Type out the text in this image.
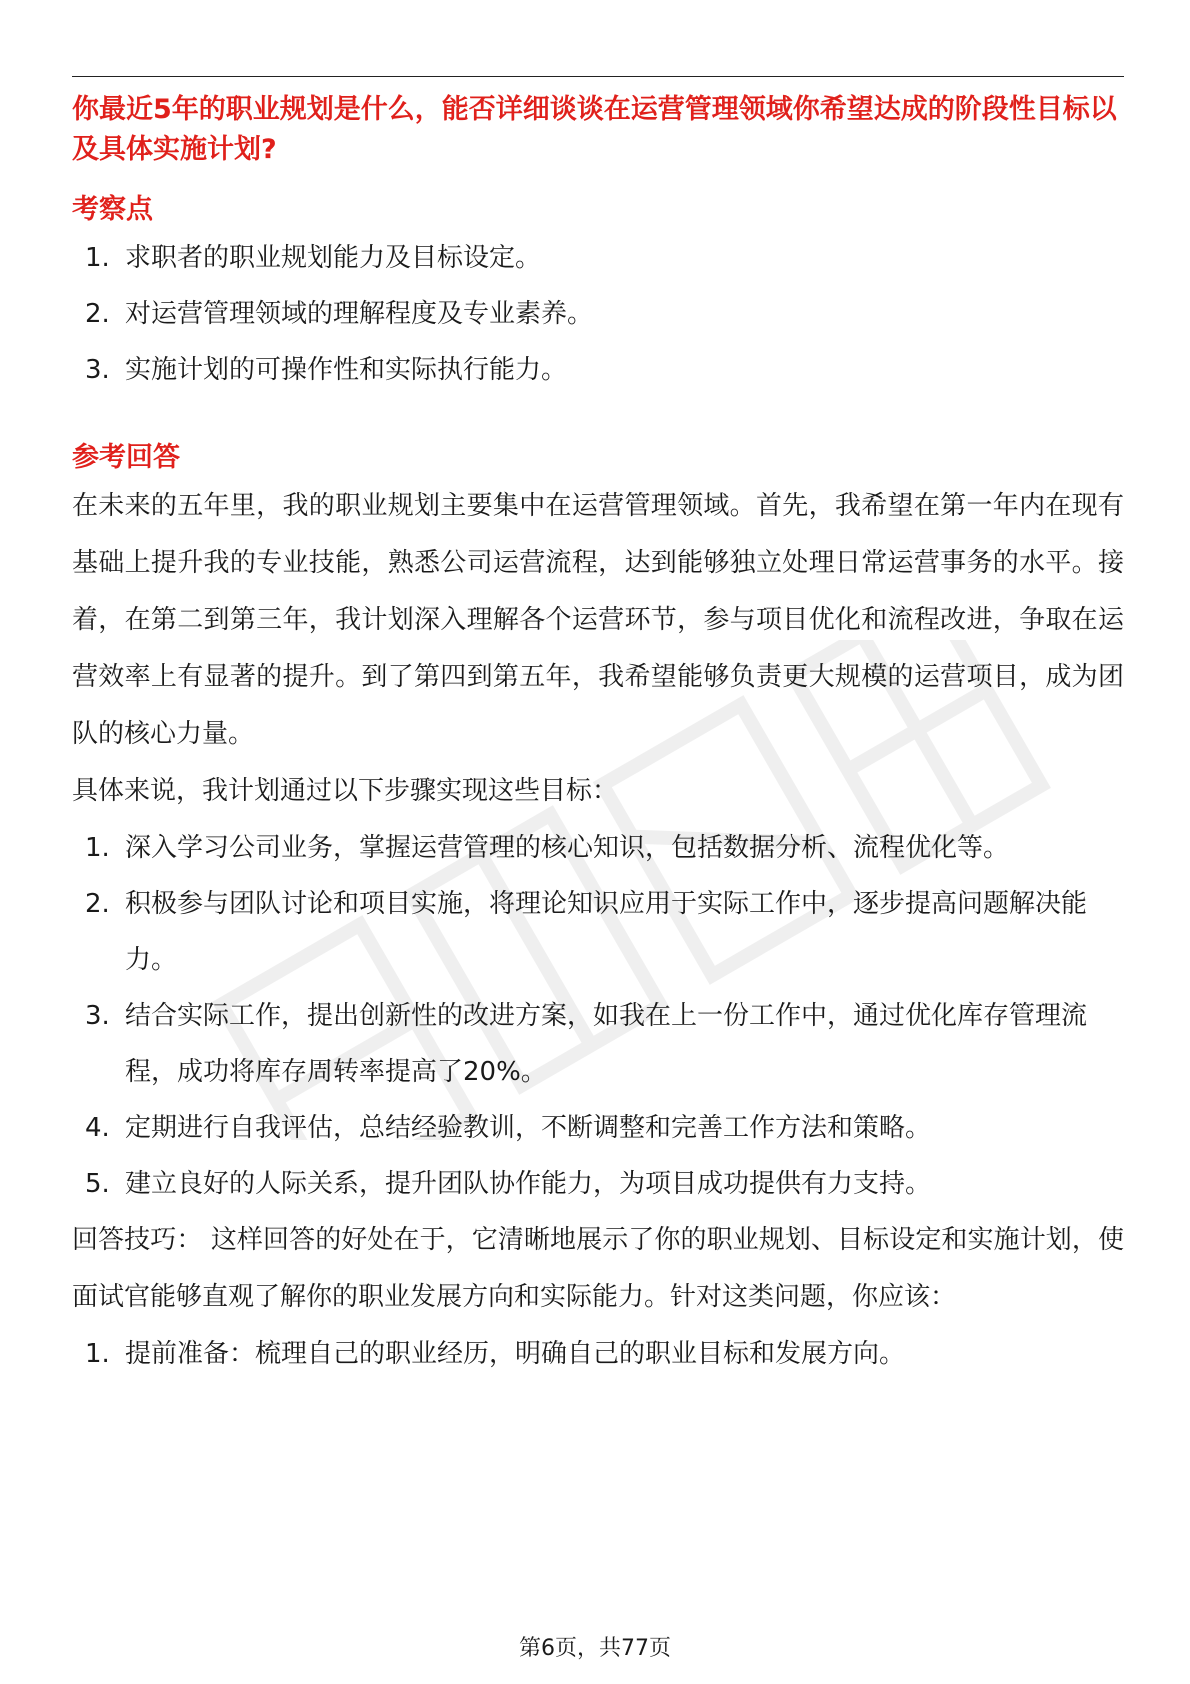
你最近5年的职业规划是什么，能否详细谈谈在运营管理领域你希望达成的阶段性目标以及具体实施计划?

考察点
1. 求职者的职业规划能力及目标设定。
2. 对运营管理领域的理解程度及专业素养。
3. 实施计划的可操作性和实际执行能力。
参考回答

在未来的五年里，我的职业规划主要集中在运营管理领域。首先，我希望在第一年内在现有基础上提升我的专业技能，熟悉公司运营流程，达到能够独立处理日常运营事务的水平。接着，在第二到第三年，我计划深入理解各个运营环节，参与项目优化和流程改进，争取在运营效率上有显著的提升。到了第四到第五年，我希望能够负责更大规模的运营项目，成为团队的核心力量。

具体来说，我计划通过以下步骤实现这些目标：

1. 深入学习公司业务，掌握运营管理的核心知识，包括数据分析、流程优化等。
2. 积极参与团队讨论和项目实施，将理论知识应用于实际工作中，逐步提高问题解决能力。
3. 结合实际工作，提出创新性的改进方案，如我在上一份工作中，通过优化库存管理流程，成功将库存周转率提高了20%。
4. 定期进行自我评估，总结经验教训，不断调整和完善工作方法和策略。
5. 建立良好的人际关系，提升团队协作能力，为项目成功提供有力支持。

回答技巧： 这样回答的好处在于，它清晰地展示了你的职业规划、目标设定和实施计划，使面试官能够直观了解你的职业发展方向和实际能力。针对这类问题，你应该：

1. 提前准备：梳理自己的职业经历，明确自己的职业目标和发展方向。
第6页，共77页
